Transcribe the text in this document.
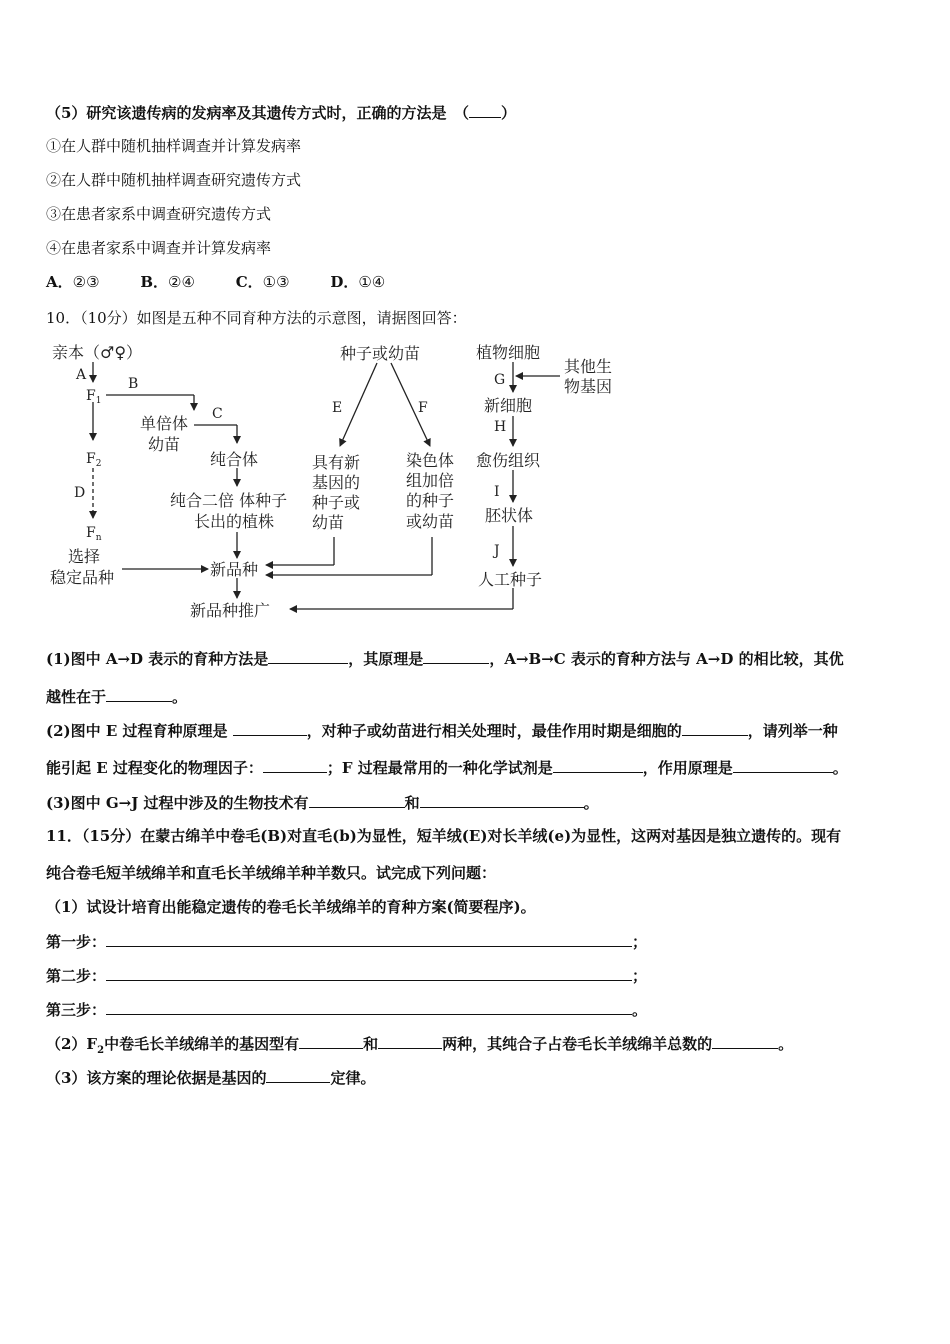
（5）研究该遗传病的发病率及其遗传方式时，正确的方法是　（ ）
①在人群中随机抽样调查并计算发病率
②在人群中随机抽样调查研究遗传方式
③在患者家系中调查研究遗传方式
④在患者家系中调查并计算发病率
A．②③	B．②④	C．①③	D．①④
10．（10分）如图是五种不同育种方法的示意图，请据图回答：
亲本（♂♀）
A
B
$F_1$
单倍体
幼苗
C
$F_2$
D
纯合体
纯合二倍 体种子
长出的植株
$F_n$
选择
稳定品种	新品种
新品种推广
种子或幼苗
E	F
具有新
基因的
种子或
幼苗
染色体
组加倍
的种子
或幼苗
植物细胞
G
其他生
物基因
新细胞
H
愈伤组织
I
胚状体
J
人工种子
(1)图中 A→D 表示的育种方法是	，其原理是	，A→B→C 表示的育种方法与 A→D 的相比较，其优
越性在于	。
(2)图中 E 过程育种原理是	，对种子或幼苗进行相关处理时，最佳作用时期是细胞的	，请列举一种
能引起 E 过程变化的物理因子：	；F 过程最常用的一种化学试剂是	，作用原理是	。
(3)图中 G→J 过程中涉及的生物技术有	和	。
11．（15分）在蒙古绵羊中卷毛(B)对直毛(b)为显性，短羊绒(E)对长羊绒(e)为显性，这两对基因是独立遗传的。现有
纯合卷毛短羊绒绵羊和直毛长羊绒绵羊种羊数只。试完成下列问题：
（1）试设计培育出能稳定遗传的卷毛长羊绒绵羊的育种方案(简要程序)。
第一步：	；
第二步：	；
第三步：	。
$(2)F_2$中卷毛长羊绒绵羊的基因型有	和	两种，其纯合子占卷毛长羊绒绵羊总数的	。
（3）该方案的理论依据是基因的	定律。
